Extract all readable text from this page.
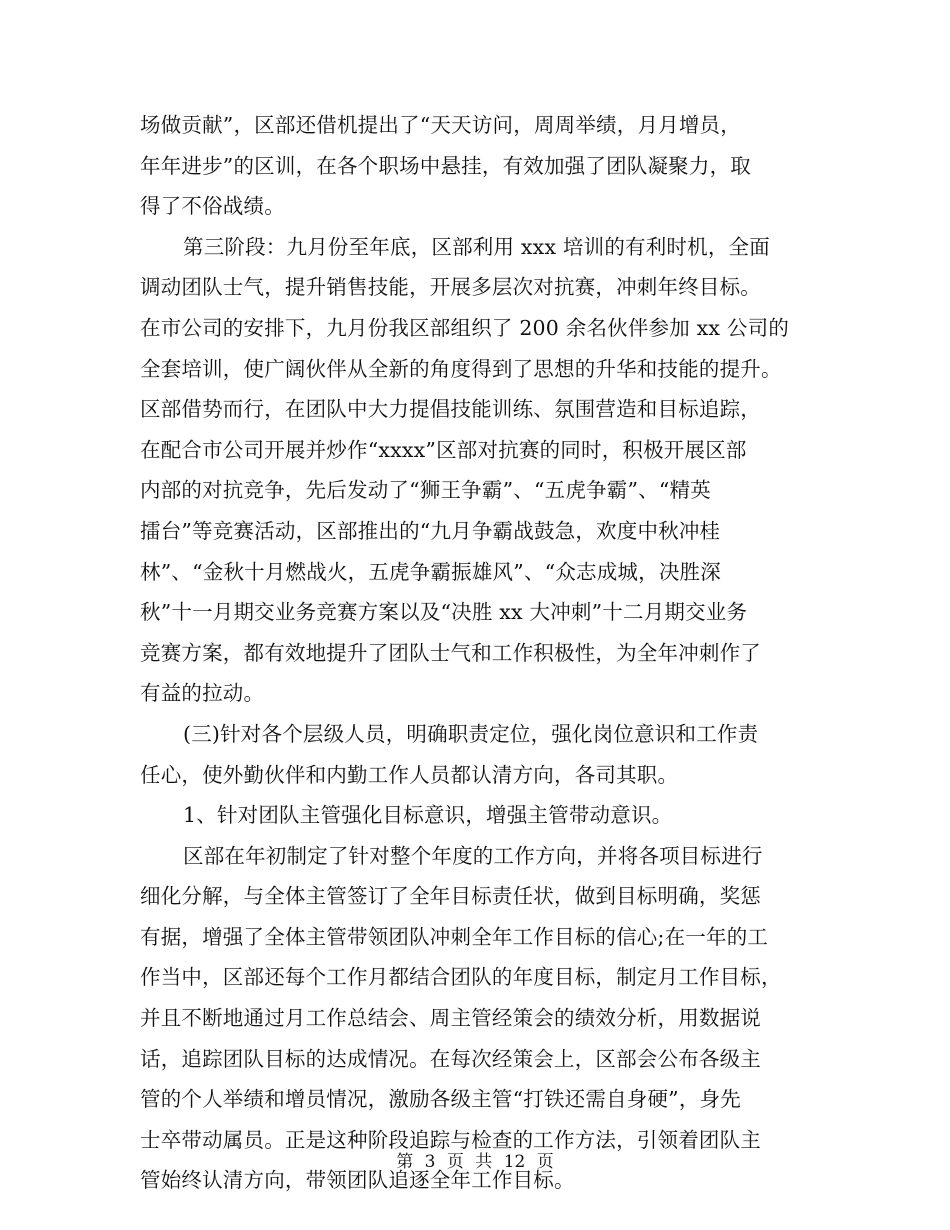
场做贡献”，区部还借机提出了“天天访问，周周举绩，月月增员，
年年进步”的区训，在各个职场中悬挂，有效加强了团队凝聚力，取
得了不俗战绩。
第三阶段：九月份至年底，区部利用 xxx 培训的有利时机，全面
调动团队士气，提升销售技能，开展多层次对抗赛，冲刺年终目标。
在市公司的安排下，九月份我区部组织了 200 余名伙伴参加 xx 公司的
全套培训，使广阔伙伴从全新的角度得到了思想的升华和技能的提升。
区部借势而行，在团队中大力提倡技能训练、氛围营造和目标追踪，
在配合市公司开展并炒作“xxxx”区部对抗赛的同时，积极开展区部
内部的对抗竞争，先后发动了“狮王争霸”、“五虎争霸”、“精英
擂台”等竞赛活动，区部推出的“九月争霸战鼓急，欢度中秋冲桂
林”、“金秋十月燃战火，五虎争霸振雄风”、“众志成城，决胜深
秋”十一月期交业务竞赛方案以及“决胜 xx 大冲刺”十二月期交业务
竞赛方案，都有效地提升了团队士气和工作积极性，为全年冲刺作了
有益的拉动。
(三)针对各个层级人员，明确职责定位，强化岗位意识和工作责
任心，使外勤伙伴和内勤工作人员都认清方向，各司其职。
1、针对团队主管强化目标意识，增强主管带动意识。
区部在年初制定了针对整个年度的工作方向，并将各项目标进行
细化分解，与全体主管签订了全年目标责任状，做到目标明确，奖惩
有据，增强了全体主管带领团队冲刺全年工作目标的信心;在一年的工
作当中，区部还每个工作月都结合团队的年度目标，制定月工作目标，
并且不断地通过月工作总结会、周主管经策会的绩效分析，用数据说
话，追踪团队目标的达成情况。在每次经策会上，区部会公布各级主
管的个人举绩和增员情况，激励各级主管“打铁还需自身硬”，身先
士卒带动属员。正是这种阶段追踪与检查的工作方法，引领着团队主
管始终认清方向，带领团队追逐全年工作目标。
第 3 页 共 12 页
